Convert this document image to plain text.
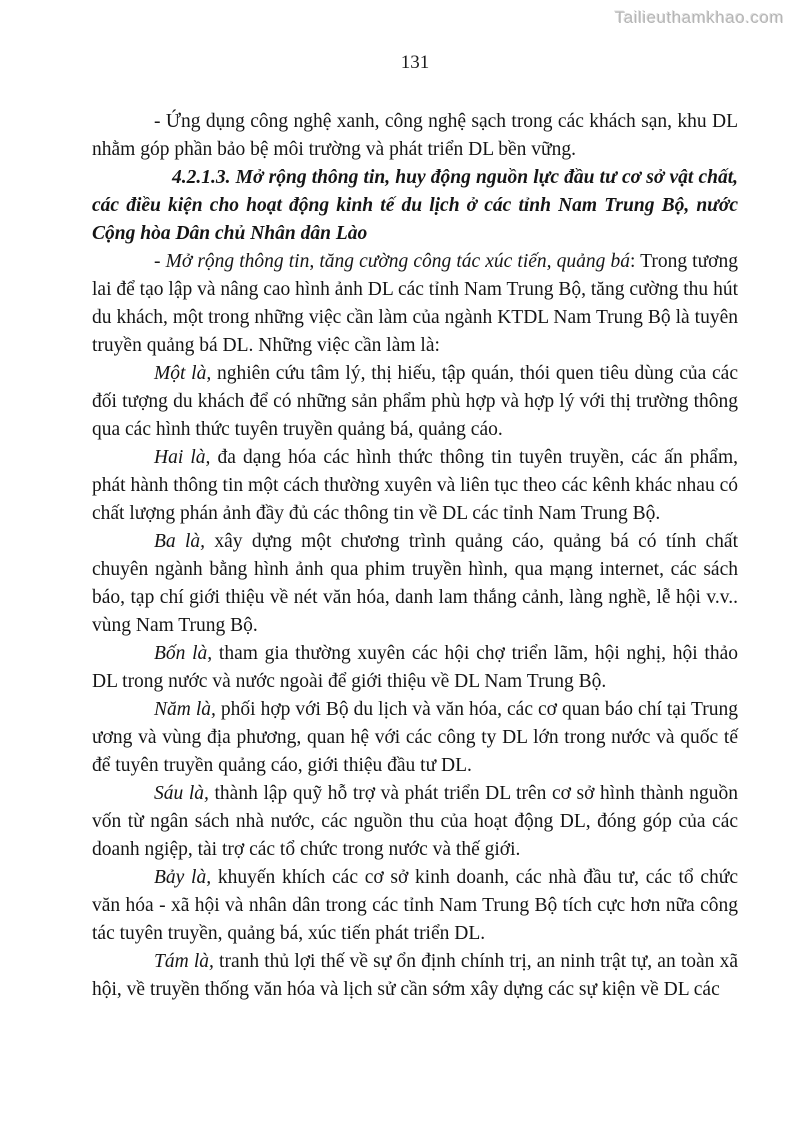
Tailieuthamkhao.com
131

- Ứng dụng công nghệ xanh, công nghệ sạch trong các khách sạn, khu DL nhằm góp phần bảo bệ môi trường và phát triển DL bền vững.

4.2.1.3. Mở rộng thông tin, huy động nguồn lực đầu tư cơ sở vật chất, các điều kiện cho hoạt động kinh tế du lịch ở các tỉnh Nam Trung Bộ, nước Cộng hòa Dân chủ Nhân dân Lào

- Mở rộng thông tin, tăng cường công tác xúc tiến, quảng bá: Trong tương lai để tạo lập và nâng cao hình ảnh DL các tỉnh Nam Trung Bộ, tăng cường thu hút du khách, một trong những việc cần làm của ngành KTDL Nam Trung Bộ là tuyên truyền quảng bá DL. Những việc cần làm là:

Một là, nghiên cứu tâm lý, thị hiếu, tập quán, thói quen tiêu dùng của các đối tượng du khách để có những sản phẩm phù hợp và hợp lý với thị trường thông qua các hình thức tuyên truyền quảng bá, quảng cáo.

Hai là, đa dạng hóa các hình thức thông tin tuyên truyền, các ấn phẩm, phát hành thông tin một cách thường xuyên và liên tục theo các kênh khác nhau có chất lượng phán ảnh đầy đủ các thông tin về DL các tỉnh Nam Trung Bộ.

Ba là, xây dựng một chương trình quảng cáo, quảng bá có tính chất chuyên ngành bằng hình ảnh qua phim truyền hình, qua mạng internet, các sách báo, tạp chí giới thiệu về nét văn hóa, danh lam thắng cảnh, làng nghề, lễ hội v.v.. vùng Nam Trung Bộ.

Bốn là, tham gia thường xuyên các hội chợ triển lãm, hội nghị, hội thảo DL trong nước và nước ngoài để giới thiệu về DL Nam Trung Bộ.

Năm là, phối hợp với Bộ du lịch và văn hóa, các cơ quan báo chí tại Trung ương và vùng địa phương, quan hệ với các công ty DL lớn trong nước và quốc tế để tuyên truyền quảng cáo, giới thiệu đầu tư DL.

Sáu là, thành lập quỹ hỗ trợ và phát triển DL trên cơ sở hình thành nguồn vốn từ ngân sách nhà nước, các nguồn thu của hoạt động DL, đóng góp của các doanh ngiệp, tài trợ các tổ chức trong nước và thế giới.

Bảy là, khuyến khích các cơ sở kinh doanh, các nhà đầu tư, các tổ chức văn hóa - xã hội và nhân dân trong các tỉnh Nam Trung Bộ tích cực hơn nữa công tác tuyên truyền, quảng bá, xúc tiến phát triển DL.

Tám là, tranh thủ lợi thế về sự ổn định chính trị, an ninh trật tự, an toàn xã hội, về truyền thống văn hóa và lịch sử cần sớm xây dựng các sự kiện về DL các
